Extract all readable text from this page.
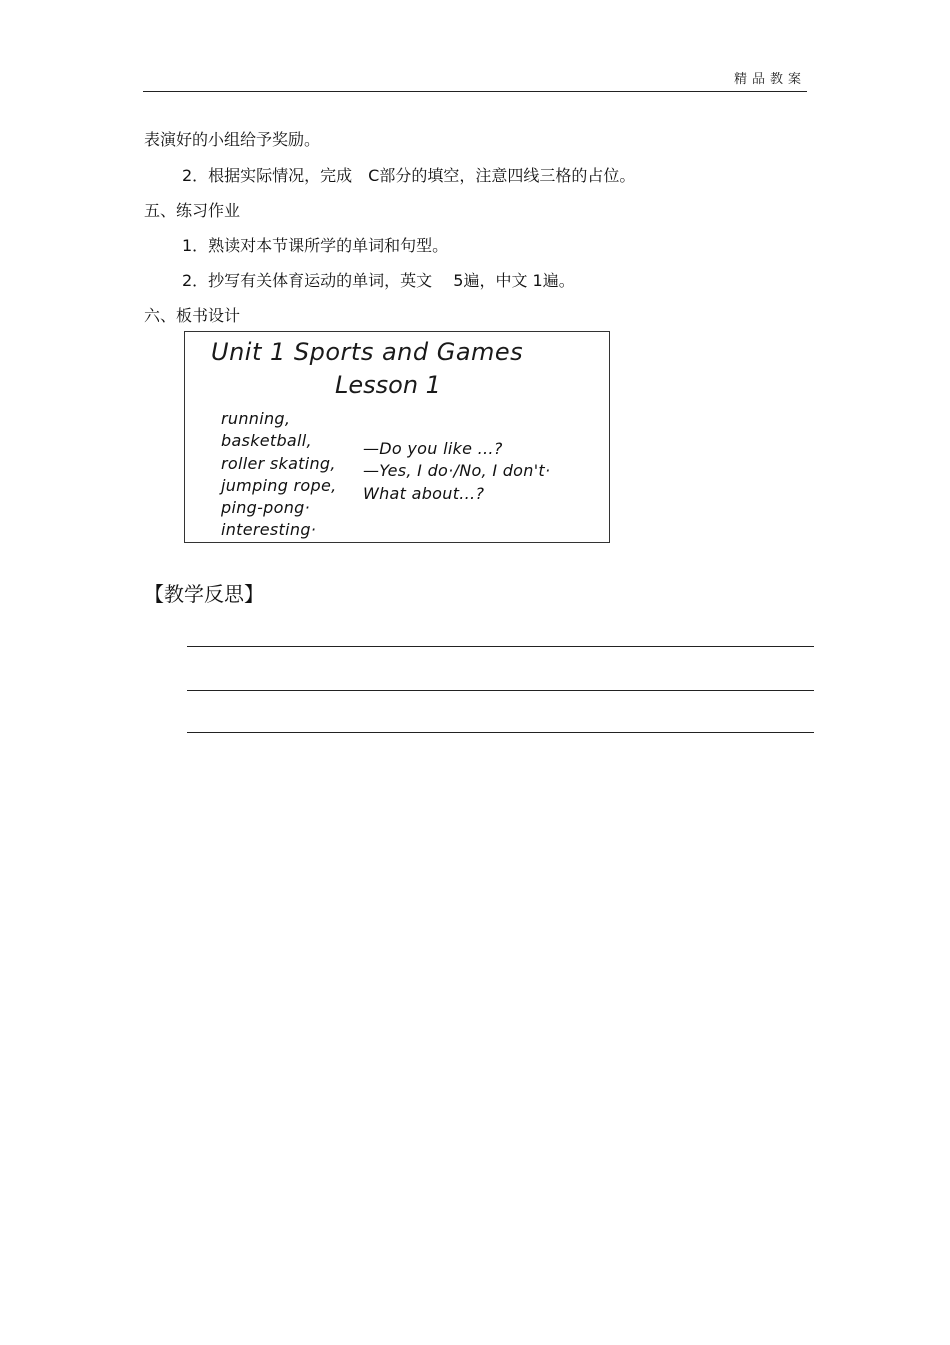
精品教案
表演好的小组给予奖励。
2．根据实际情况，完成　C部分的填空，注意四线三格的占位。
五、练习作业
1．熟读对本节课所学的单词和句型。
2．抄写有关体育运动的单词，英文　 5遍，中文 1遍。
六、板书设计
Unit 1 Sports and Games
Lesson 1
running,
basketball,
roller skating,
jumping rope,
ping-pong·
interesting·
—Do you like ...?
—Yes, I do·/No, I don't·
What about...?
【教学反思】
